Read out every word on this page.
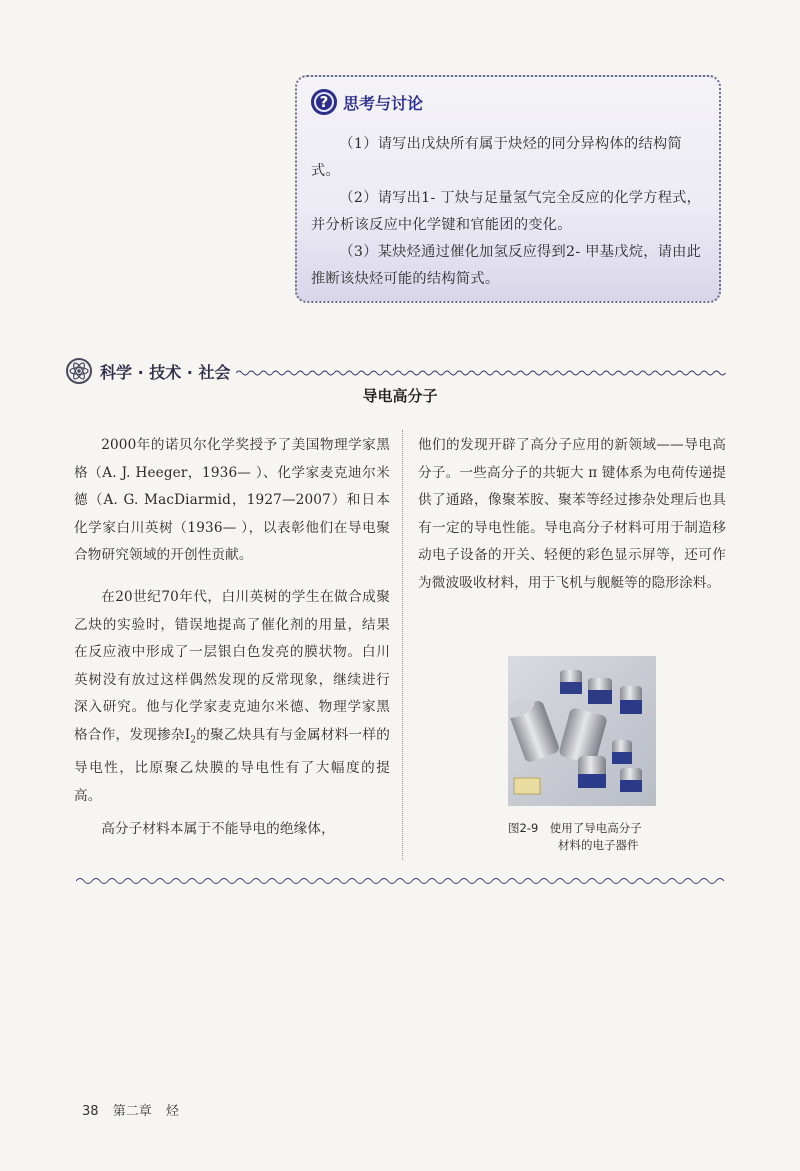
? 思考与讨论

（1）请写出戊炔所有属于炔烃的同分异构体的结构简式。

（2）请写出1- 丁炔与足量氢气完全反应的化学方程式，并分析该反应中化学键和官能团的变化。

（3）某炔烃通过催化加氢反应得到2- 甲基戊烷，请由此推断该炔烃可能的结构简式。

科学 · 技术 · 社会
导电高分子

2000年的诺贝尔化学奖授予了美国物理学家黑格（A. J. Heeger，1936— ）、化学家麦克迪尔米德（A. G. MacDiarmid，1927—2007）和日本化学家白川英树（1936— ），以表彰他们在导电聚合物研究领域的开创性贡献。

在20世纪70年代，白川英树的学生在做合成聚乙炔的实验时，错误地提高了催化剂的用量，结果在反应液中形成了一层银白色发亮的膜状物。白川英树没有放过这样偶然发现的反常现象，继续进行深入研究。他与化学家麦克迪尔米德、物理学家黑格合作，发现掺杂$I_2$的聚乙炔具有与金属材料一样的导电性，比原聚乙炔膜的导电性有了大幅度的提高。

高分子材料本属于不能导电的绝缘体，

他们的发现开辟了高分子应用的新领域——导电高分子。一些高分子的共轭大 π 键体系为电荷传递提供了通路，像聚苯胺、聚苯等经过掺杂处理后也具有一定的导电性能。导电高分子材料可用于制造移动电子设备的开关、轻便的彩色显示屏等，还可作为微波吸收材料，用于飞机与舰艇等的隐形涂料。

图2-9　使用了导电高分子
材料的电子器件
38 第二章 烃
